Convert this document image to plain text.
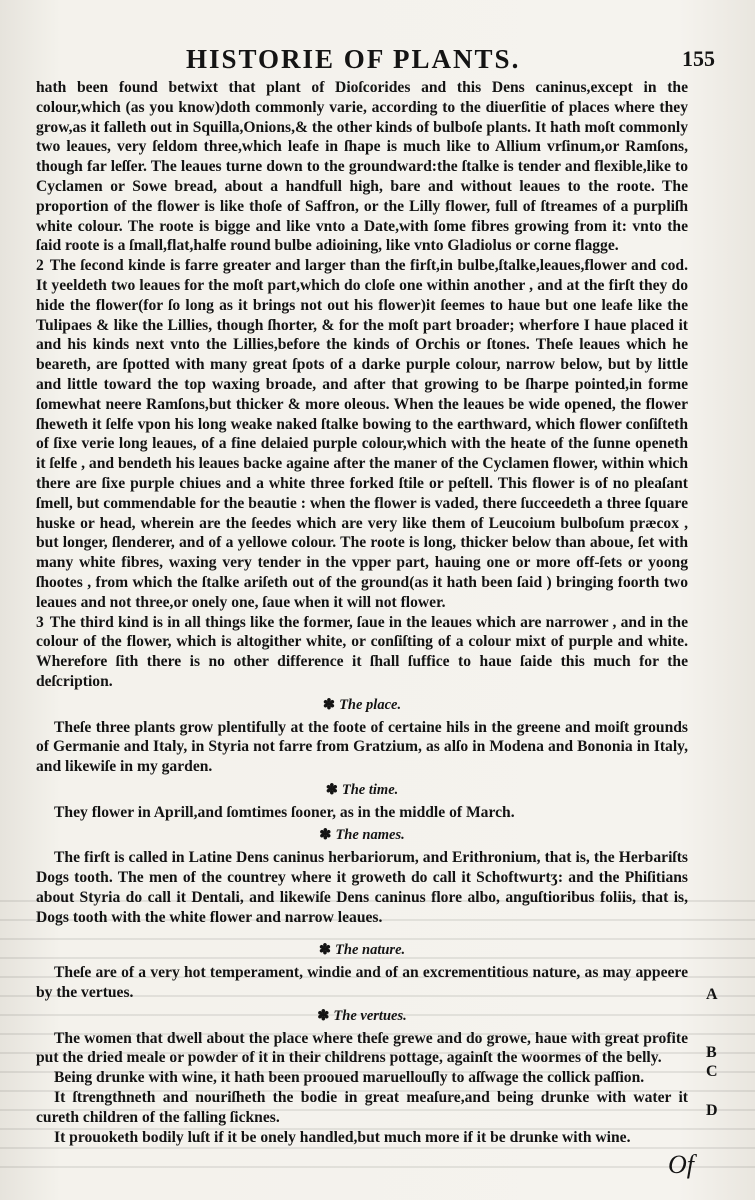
HISTORIE OF PLANTS.	155

hath been found betwixt that plant of Dioſcorides and this Dens caninus,except in the colour,which (as you know)doth commonly varie, according to the diuerſitie of places where they grow,as it falleth out in Squilla,Onions,& the other kinds of bulboſe plants. It hath moſt commonly two leaues, very ſeldom three,which leafe in ſhape is much like to Allium vrſinum,or Ramſons, though far leſſer. The leaues turne down to the groundward:the ſtalke is tender and flexible,like to Cyclamen or Sowe bread, about a handfull high, bare and without leaues to the roote. The proportion of the flower is like thoſe of Saffron, or the Lilly flower, full of ſtreames of a purpliſh white colour. The roote is bigge and like vnto a Date,with ſome fibres growing from it: vnto the ſaid roote is a ſmall,flat,halfe round bulbe adioining, like vnto Gladiolus or corne flagge.

2 The ſecond kinde is farre greater and larger than the firſt,in bulbe,ſtalke,leaues,flower and cod. It yeeldeth two leaues for the moſt part,which do cloſe one within another , and at the firſt they do hide the flower(for ſo long as it brings not out his flower)it ſeemes to haue but one leafe like the Tulipaes & like the Lillies, though ſhorter, & for the moſt part broader; wherfore I haue placed it and his kinds next vnto the Lillies,before the kinds of Orchis or ſtones. Theſe leaues which he beareth, are ſpotted with many great ſpots of a darke purple colour, narrow below, but by little and little toward the top waxing broade, and after that growing to be ſharpe pointed,in forme ſomewhat neere Ramſons,but thicker & more oleous. When the leaues be wide opened, the flower ſheweth it ſelfe vpon his long weake naked ſtalke bowing to the earthward, which flower conſiſteth of ſixe verie long leaues, of a fine delaied purple colour,which with the heate of the ſunne openeth it ſelfe , and bendeth his leaues backe againe after the maner of the Cyclamen flower, within which there are ſixe purple chiues and a white three forked ſtile or peſtell. This flower is of no pleaſant ſmell, but commendable for the beautie : when the flower is vaded, there ſucceedeth a three ſquare huske or head, wherein are the ſeedes which are very like them of Leucoium bulboſum præcox , but longer, ſlenderer, and of a yellowe colour. The roote is long, thicker below than aboue, ſet with many white fibres, waxing very tender in the vpper part, hauing one or more off-ſets or yoong ſhootes , from which the ſtalke ariſeth out of the ground(as it hath been ſaid ) bringing foorth two leaues and not three,or onely one, ſaue when it will not flower.

3 The third kind is in all things like the former, ſaue in the leaues which are narrower , and in the colour of the flower, which is altogither white, or conſiſting of a colour mixt of purple and white. Wherefore ſith there is no other difference it ſhall ſuffice to haue ſaide this much for the deſcription.

✽ The place.

Theſe three plants grow plentifully at the foote of certaine hils in the greene and moiſt grounds of Germanie and Italy, in Styria not farre from Gratzium, as alſo in Modena and Bononia in Italy, and likewiſe in my garden.

✽ The time.

They flower in Aprill,and ſomtimes ſooner, as in the middle of March.

✽ The names.

The firſt is called in Latine Dens caninus herbariorum, and Erithronium, that is, the Herbariſts Dogs tooth. The men of the countrey where it groweth do call it Schoftwurtʒ: and the Phiſitians about Styria do call it Dentali, and likewiſe Dens caninus flore albo, anguſtioribus foliis, that is, Dogs tooth with the white flower and narrow leaues.

✽ The nature.

Theſe are of a very hot temperament, windie and of an excrementitious nature, as may appeere by the vertues.

✽ The vertues.

The women that dwell about the place where theſe grewe and do growe, haue with great profite put the dried meale or powder of it in their childrens pottage, againſt the woormes of the belly.

Being drunke with wine, it hath been prooued maruellouſly to aſſwage the collick paſſion.

It ſtrengthneth and nouriſheth the bodie in great meaſure,and being drunke with water it cureth children of the falling ſicknes.

It prouoketh bodily luſt if it be onely handled,but much more if it be drunke with wine.

A
B
C
D
Of
